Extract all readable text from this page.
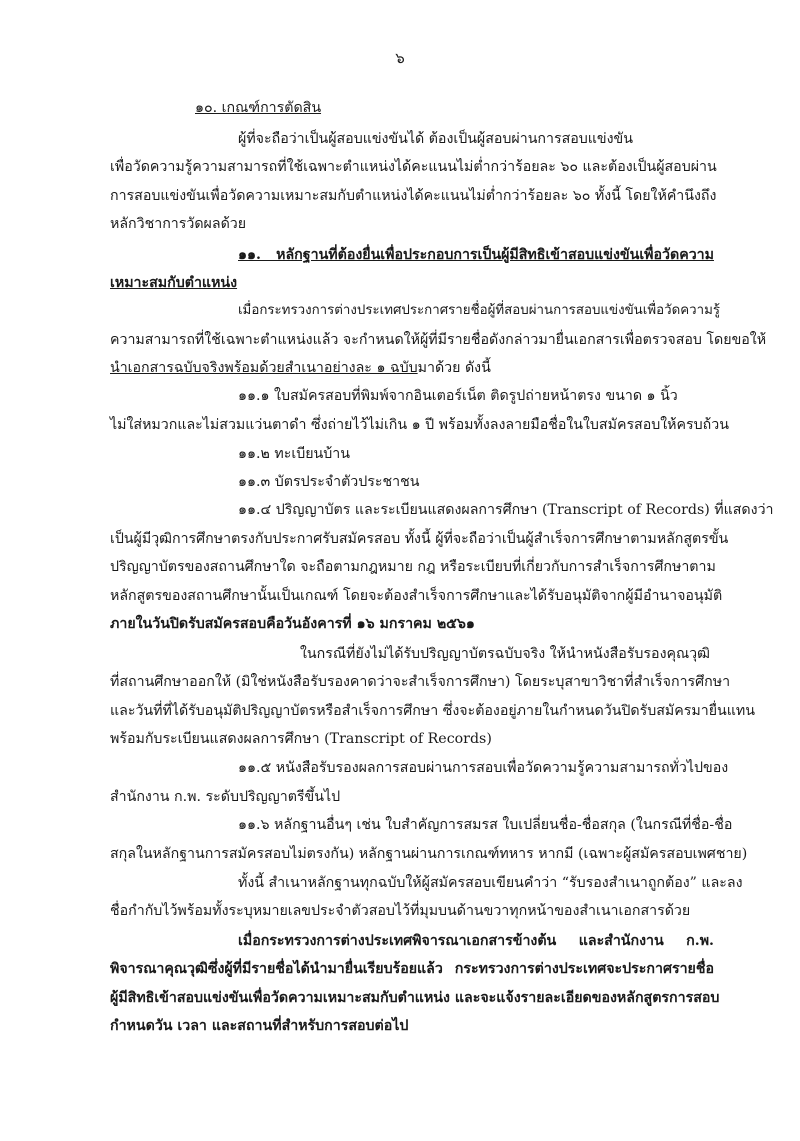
๖
๑๐. เกณฑ์การตัดสิน
ผู้ที่จะถือว่าเป็นผู้สอบแข่งขันได้ ต้องเป็นผู้สอบผ่านการสอบแข่งขัน
เพื่อวัดความรู้ความสามารถที่ใช้เฉพาะตำแหน่งได้คะแนนไม่ต่ำกว่าร้อยละ ๖๐ และต้องเป็นผู้สอบผ่าน
การสอบแข่งขันเพื่อวัดความเหมาะสมกับตำแหน่งได้คะแนนไม่ต่ำกว่าร้อยละ ๖๐ ทั้งนี้ โดยให้คำนึงถึง
หลักวิชาการวัดผลด้วย
๑๑. หลักฐานที่ต้องยื่นเพื่อประกอบการเป็นผู้มีสิทธิเข้าสอบแข่งขันเพื่อวัดความ
เหมาะสมกับตำแหน่ง
เมื่อกระทรวงการต่างประเทศประกาศรายชื่อผู้ที่สอบผ่านการสอบแข่งขันเพื่อวัดความรู้
ความสามารถที่ใช้เฉพาะตำแหน่งแล้ว จะกำหนดให้ผู้ที่มีรายชื่อดังกล่าวมายื่นเอกสารเพื่อตรวจสอบ โดยขอให้
นำเอกสารฉบับจริงพร้อมด้วยสำเนาอย่างละ ๑ ฉบับมาด้วย ดังนี้
๑๑.๑ ใบสมัครสอบที่พิมพ์จากอินเตอร์เน็ต ติดรูปถ่ายหน้าตรง ขนาด ๑ นิ้ว
ไม่ใส่หมวกและไม่สวมแว่นตาดำ ซึ่งถ่ายไว้ไม่เกิน ๑ ปี พร้อมทั้งลงลายมือชื่อในใบสมัครสอบให้ครบถ้วน
๑๑.๒ ทะเบียนบ้าน
๑๑.๓ บัตรประจำตัวประชาชน
๑๑.๔ ปริญญาบัตร และระเบียนแสดงผลการศึกษา (Transcript of Records) ที่แสดงว่า
เป็นผู้มีวุฒิการศึกษาตรงกับประกาศรับสมัครสอบ ทั้งนี้ ผู้ที่จะถือว่าเป็นผู้สำเร็จการศึกษาตามหลักสูตรขั้น
ปริญญาบัตรของสถานศึกษาใด จะถือตามกฎหมาย กฎ หรือระเบียบที่เกี่ยวกับการสำเร็จการศึกษาตาม
หลักสูตรของสถานศึกษานั้นเป็นเกณฑ์ โดยจะต้องสำเร็จการศึกษาและได้รับอนุมัติจากผู้มีอำนาจอนุมัติ
ภายในวันปิดรับสมัครสอบคือวันอังคารที่ ๑๖ มกราคม ๒๕๖๑
ในกรณีที่ยังไม่ได้รับปริญญาบัตรฉบับจริง ให้นำหนังสือรับรองคุณวุฒิ
ที่สถานศึกษาออกให้ (มิใช่หนังสือรับรองคาดว่าจะสำเร็จการศึกษา) โดยระบุสาขาวิชาที่สำเร็จการศึกษา
และวันที่ที่ได้รับอนุมัติปริญญาบัตรหรือสำเร็จการศึกษา ซึ่งจะต้องอยู่ภายในกำหนดวันปิดรับสมัครมายื่นแทน
พร้อมกับระเบียนแสดงผลการศึกษา (Transcript of Records)
๑๑.๕ หนังสือรับรองผลการสอบผ่านการสอบเพื่อวัดความรู้ความสามารถทั่วไปของ
สำนักงาน ก.พ. ระดับปริญญาตรีขึ้นไป
๑๑.๖ หลักฐานอื่นๆ เช่น ใบสำคัญการสมรส ใบเปลี่ยนชื่อ-ชื่อสกุล (ในกรณีที่ชื่อ-ชื่อ
สกุลในหลักฐานการสมัครสอบไม่ตรงกัน) หลักฐานผ่านการเกณฑ์ทหาร หากมี (เฉพาะผู้สมัครสอบเพศชาย)
ทั้งนี้ สำเนาหลักฐานทุกฉบับให้ผู้สมัครสอบเขียนคำว่า “รับรองสำเนาถูกต้อง” และลง
ชื่อกำกับไว้พร้อมทั้งระบุหมายเลขประจำตัวสอบไว้ที่มุมบนด้านขวาทุกหน้าของสำเนาเอกสารด้วย
เมื่อกระทรวงการต่างประเทศพิจารณาเอกสารข้างต้น และสำนักงาน ก.พ.
พิจารณาคุณวุฒิซึ่งผู้ที่มีรายชื่อได้นำมายื่นเรียบร้อยแล้ว กระทรวงการต่างประเทศจะประกาศรายชื่อ
ผู้มีสิทธิเข้าสอบแข่งขันเพื่อวัดความเหมาะสมกับตำแหน่ง และจะแจ้งรายละเอียดของหลักสูตรการสอบ
กำหนดวัน เวลา และสถานที่สำหรับการสอบต่อไป
